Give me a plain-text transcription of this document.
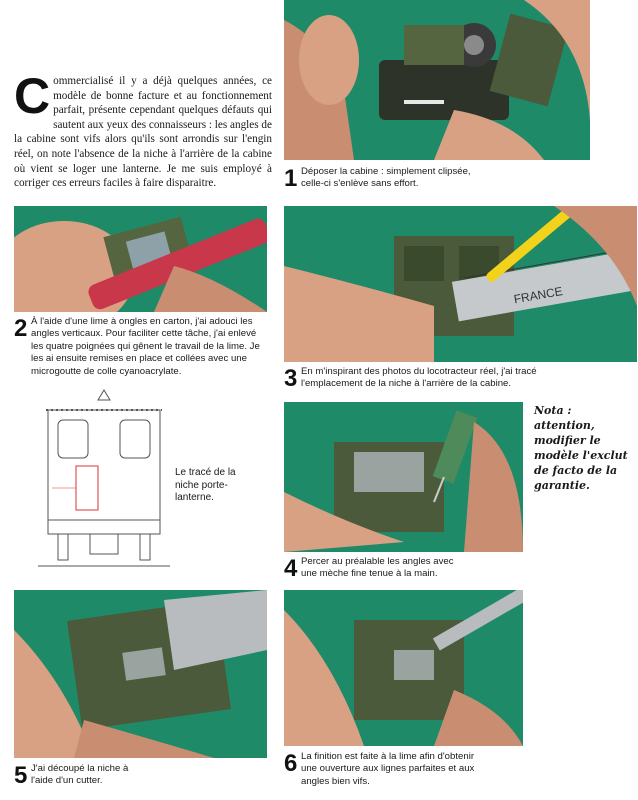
Commercialisé il y a déjà quelques années, ce modèle de bonne facture et au fonctionnement parfait, présente cependant quelques défauts qui sautent aux yeux des connaisseurs : les angles de la cabine sont vifs alors qu'ils sont arrondis sur l'engin réel, on note l'absence de la niche à l'arrière de la cabine où vient se loger une lanterne. Je me suis employé à corriger ces erreurs faciles à faire disparaitre.	1 Déposer la cabine : simplement clipsée, celle-ci s'enlève sans effort.
2 À l'aide d'une lime à ongles en carton, j'ai adouci les angles verticaux. Pour faciliter cette tâche, j'ai enlevé les quatre poignées qui gênent le travail de la lime. Je les ai ensuite remises en place et collées avec une microgoutte de colle cyanoacrylate.
FRANCE
3 En m'inspirant des photos du locotracteur réel, j'ai tracé l'emplacement de la niche à l'arrière de la cabine.
Le tracé de la niche porte-lanterne.
Nota : attention, modifier le modèle l'exclut de facto de la garantie.
4 Percer au préalable les angles avec une mèche fine tenue à la main.
5 J'ai découpé la niche à l'aide d'un cutter.
6 La finition est faite à la lime afin d'obtenir une ouverture aux lignes parfaites et aux angles bien vifs.
